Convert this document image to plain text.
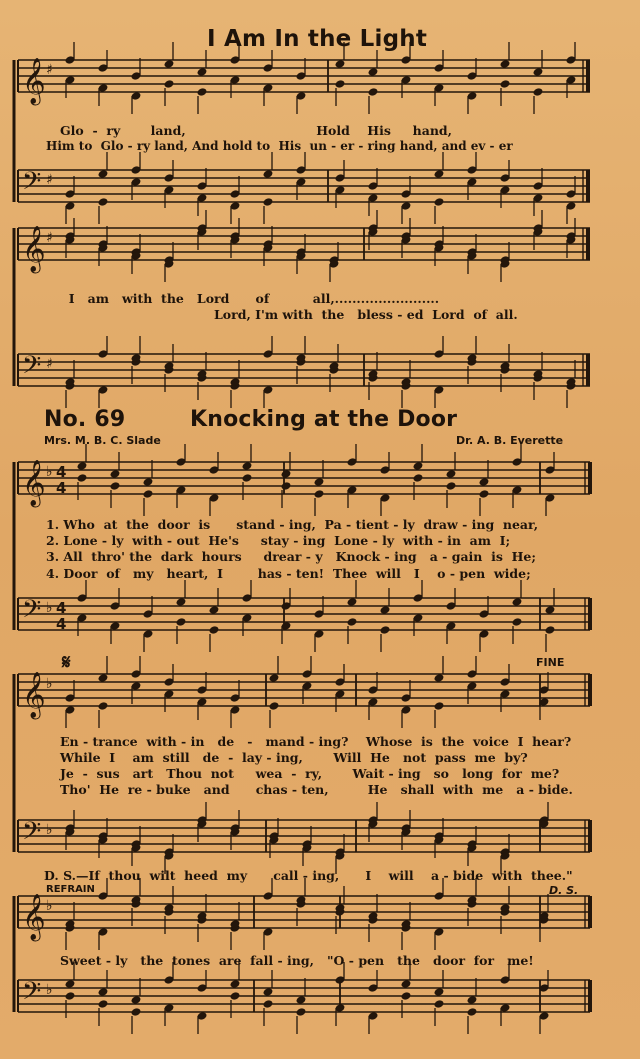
𝄞 ♯
𝄢 ♯
𝄞 ♯
𝄢 ♯
𝄞 ♭ 4
4
𝄢 ♭ 4
4
𝄞 ♭
𝄢 ♭
𝄞 ♭
𝄢 ♭
I Am In the Light
Glo  -  ry       land,                              Hold    His     hand,
Him to  Glo - ry land, And hold to  His  un - er - ring hand, and ev - er
I   am   with  the   Lord      of          all,........................
Lord, I'm with  the   bless - ed  Lord  of  all.
No. 69	Knocking at the Door
Mrs. M. B. C. Slade	Dr. A. B. Everette
1. Who  at  the  door  is      stand - ing,  Pa - tient - ly  draw - ing  near,
2. Lone - ly  with - out  He's     stay - ing  Lone - ly  with - in  am  I;
3. All  thro' the  dark  hours     drear - y   Knock - ing   a - gain  is  He;
4. Door  of   my   heart,  I        has - ten!  Thee  will   I    o - pen  wide;
𝄋	FINE
En - trance  with - in   de   -   mand - ing?    Whose  is  the  voice  I  hear?
While  I    am  still   de  -  lay - ing,       Will  He   not  pass  me  by?
Je  -  sus   art   Thou  not     wea  -  ry,       Wait - ing   so   long  for  me?
Tho'  He  re - buke   and      chas - ten,         He   shall  with  me   a - bide.
D. S.—If  thou  wilt  heed  my      call - ing,      I    will    a - bide  with  thee."
REFRAIN	D. S.
Sweet - ly   the  tones  are  fall - ing,   "O - pen   the   door  for   me!
